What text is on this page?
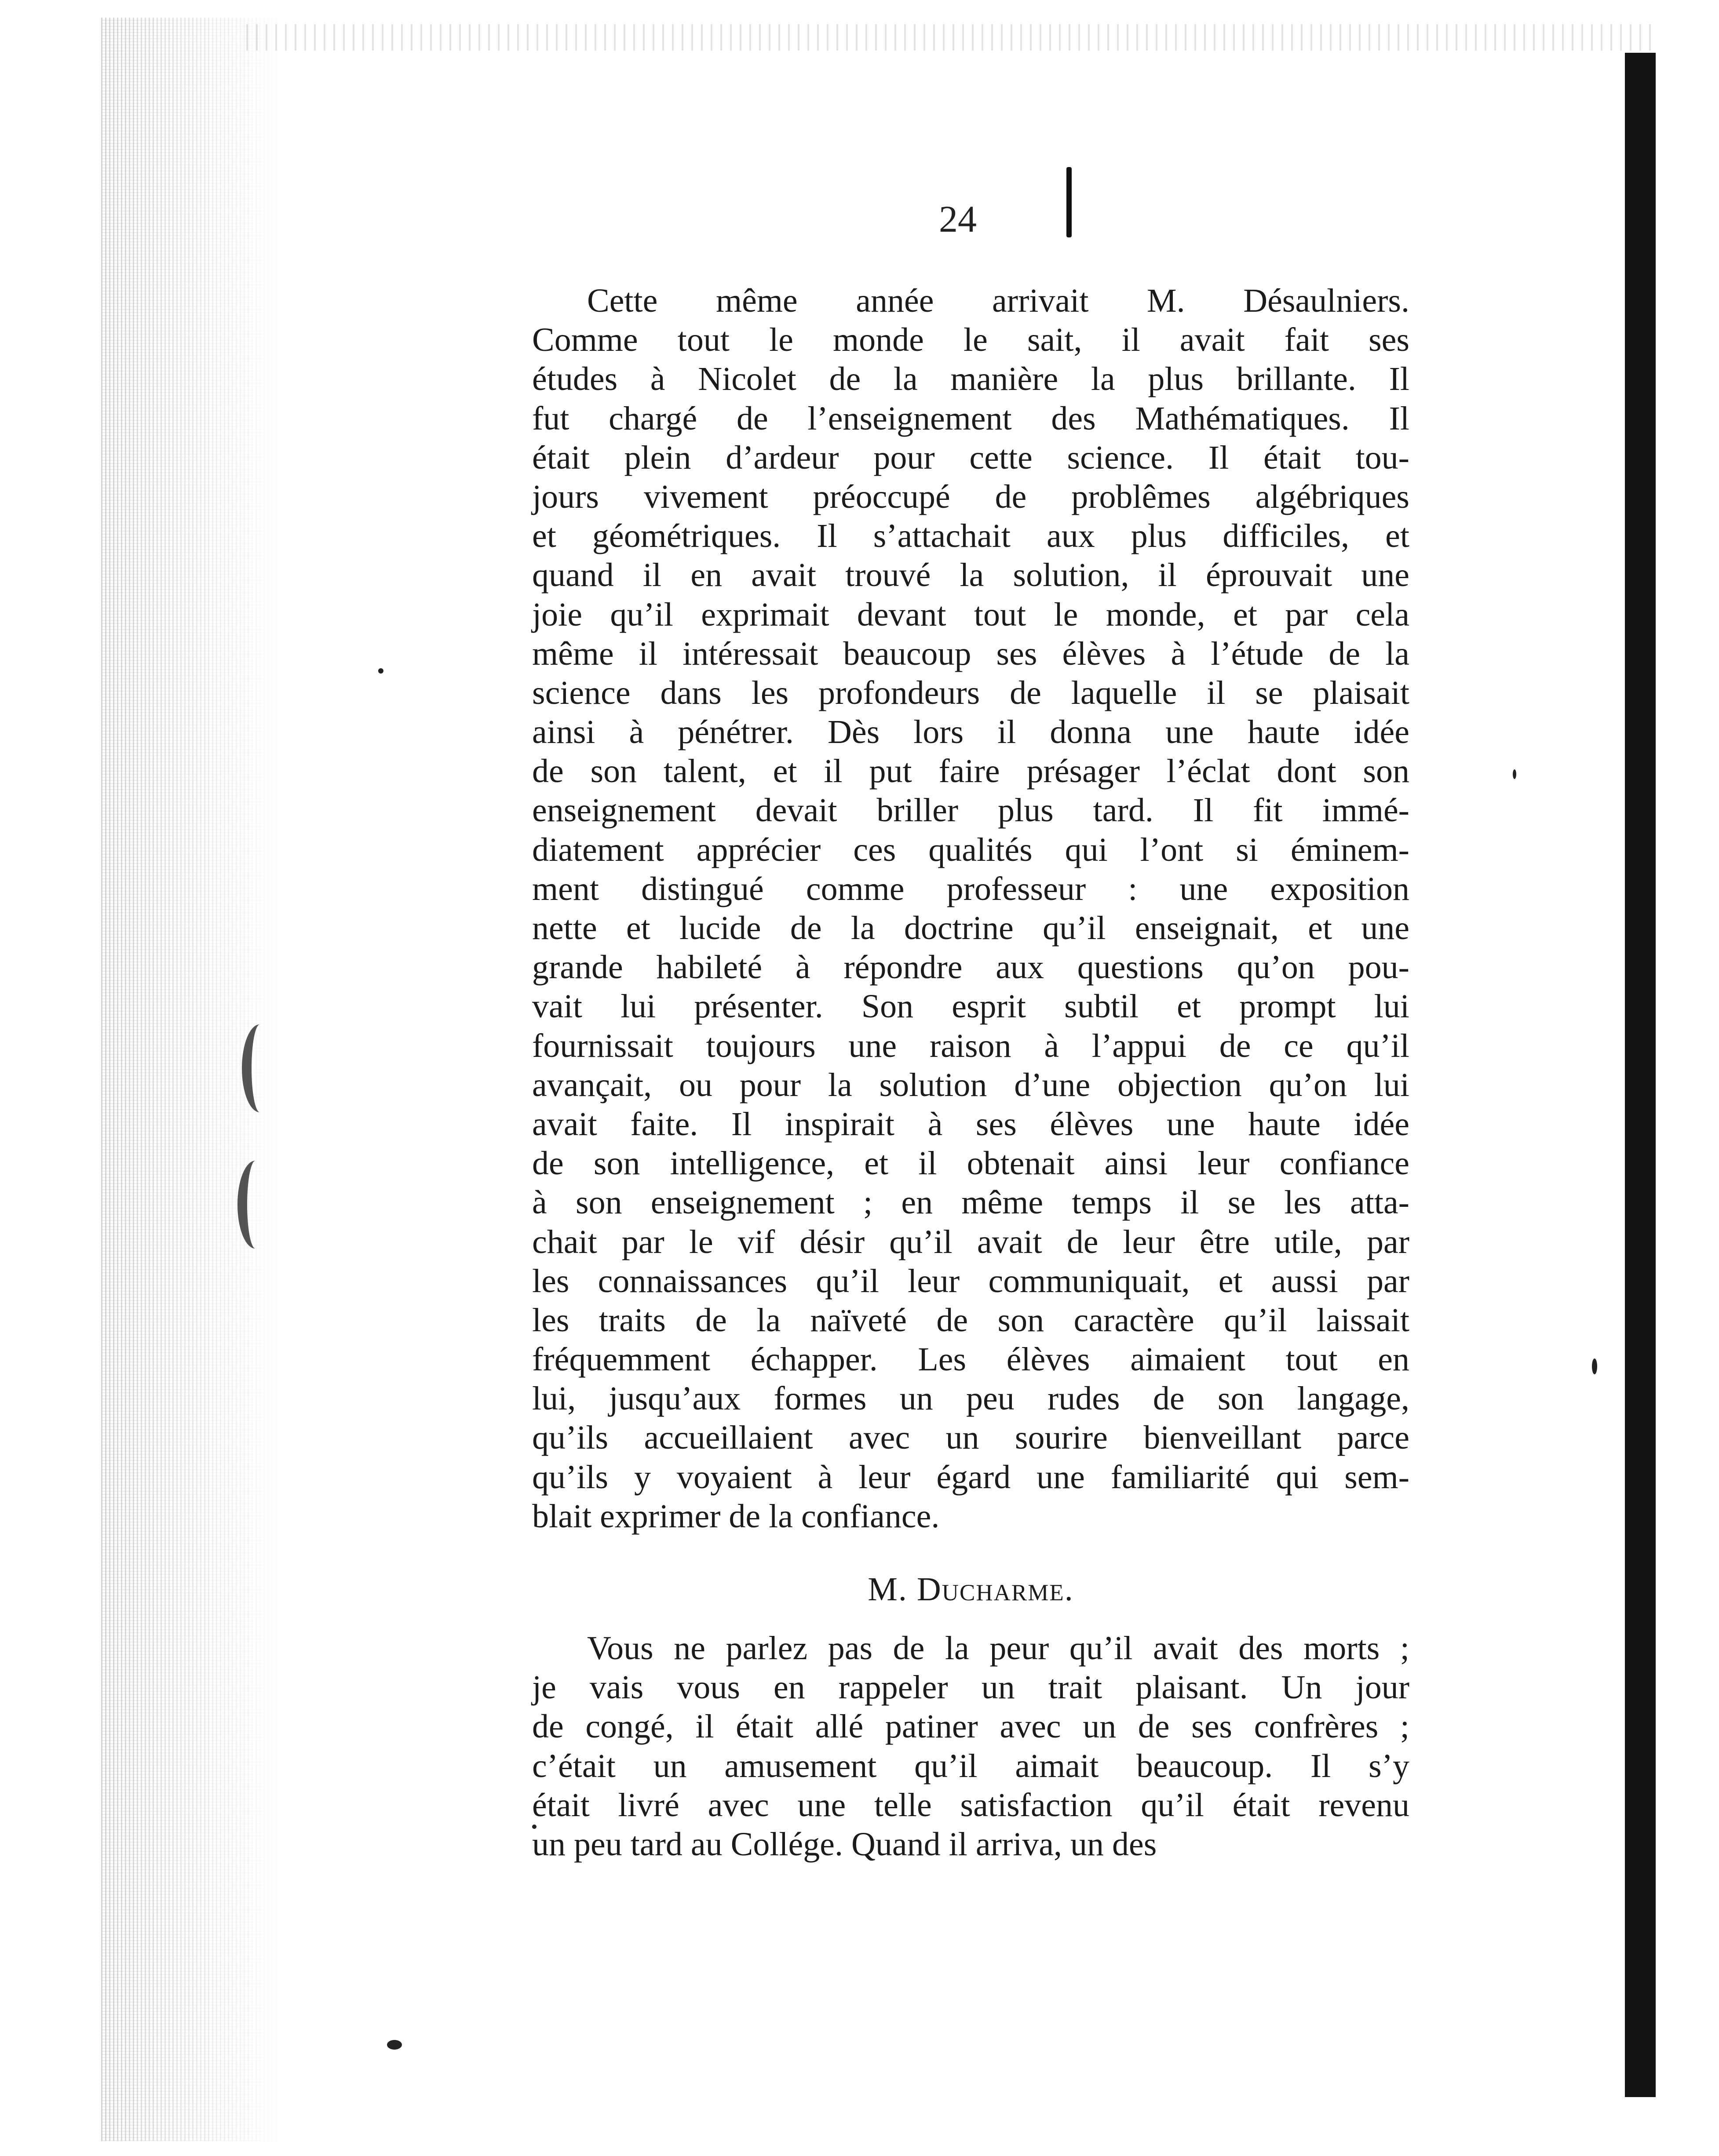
24
Cette même année arrivait M. Désaulniers.
Comme tout le monde le sait, il avait fait ses
études à Nicolet de la manière la plus brillante. Il
fut chargé de l’enseignement des Mathématiques. Il
était plein d’ardeur pour cette science. Il était tou-
jours vivement préoccupé de problêmes algébriques
et géométriques. Il s’attachait aux plus difficiles, et
quand il en avait trouvé la solution, il éprouvait une
joie qu’il exprimait devant tout le monde, et par cela
même il intéressait beaucoup ses élèves à l’étude de la
science dans les profondeurs de laquelle il se plaisait
ainsi à pénétrer. Dès lors il donna une haute idée
de son talent, et il put faire présager l’éclat dont son
enseignement devait briller plus tard. Il fit immé-
diatement apprécier ces qualités qui l’ont si éminem-
ment distingué comme professeur : une exposition
nette et lucide de la doctrine qu’il enseignait, et une
grande habileté à répondre aux questions qu’on pou-
vait lui présenter. Son esprit subtil et prompt lui
fournissait toujours une raison à l’appui de ce qu’il
avançait, ou pour la solution d’une objection qu’on lui
avait faite. Il inspirait à ses élèves une haute idée
de son intelligence, et il obtenait ainsi leur confiance
à son enseignement ; en même temps il se les atta-
chait par le vif désir qu’il avait de leur être utile, par
les connaissances qu’il leur communiquait, et aussi par
les traits de la naïveté de son caractère qu’il laissait
fréquemment échapper. Les élèves aimaient tout en
lui, jusqu’aux formes un peu rudes de son langage,
qu’ils accueillaient avec un sourire bienveillant parce
qu’ils y voyaient à leur égard une familiarité qui sem-
blait exprimer de la confiance.
M. Ducharme.
Vous ne parlez pas de la peur qu’il avait des morts ;
je vais vous en rappeler un trait plaisant. Un jour
de congé, il était allé patiner avec un de ses confrères ;
c’était un amusement qu’il aimait beaucoup. Il s’y
était livré avec une telle satisfaction qu’il était revenu
un peu tard au Collége. Quand il arriva, un des
